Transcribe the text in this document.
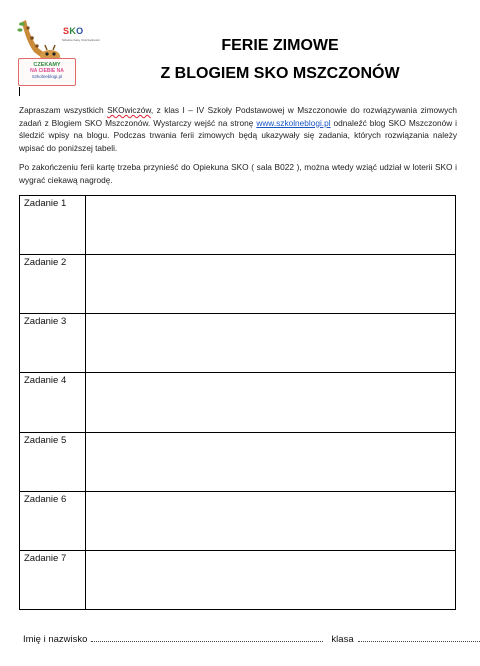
SKO
Szkolne Kasy Oszczędności
CZEKAMY
NA CIEBIE NA
Szkolneblogi.pl
FERIE ZIMOWE
Z BLOGIEM SKO MSZCZONÓW

Zapraszam wszystkich SKOwiczów, z klas I – IV Szkoły Podstawowej w Mszczonowie do rozwiązywania zimowych zadań z Blogiem SKO Mszczonów. Wystarczy wejść na stronę www.szkolneblogi.pl odnaleźć blog SKO Mszczonów i śledzić wpisy na blogu. Podczas trwania ferii zimowych będą ukazywały się zadania, których rozwiązania należy wpisać do poniższej tabeli.

Po zakończeniu ferii kartę trzeba przynieść do Opiekuna SKO ( sala B022 ), można wtedy wziąć udział w loterii SKO i wygrać ciekawą nagrodę.

Zadanie 1	
Zadanie 2	
Zadanie 3	
Zadanie 4	
Zadanie 5	
Zadanie 6	
Zadanie 7	
Imię i nazwisko	klasa
